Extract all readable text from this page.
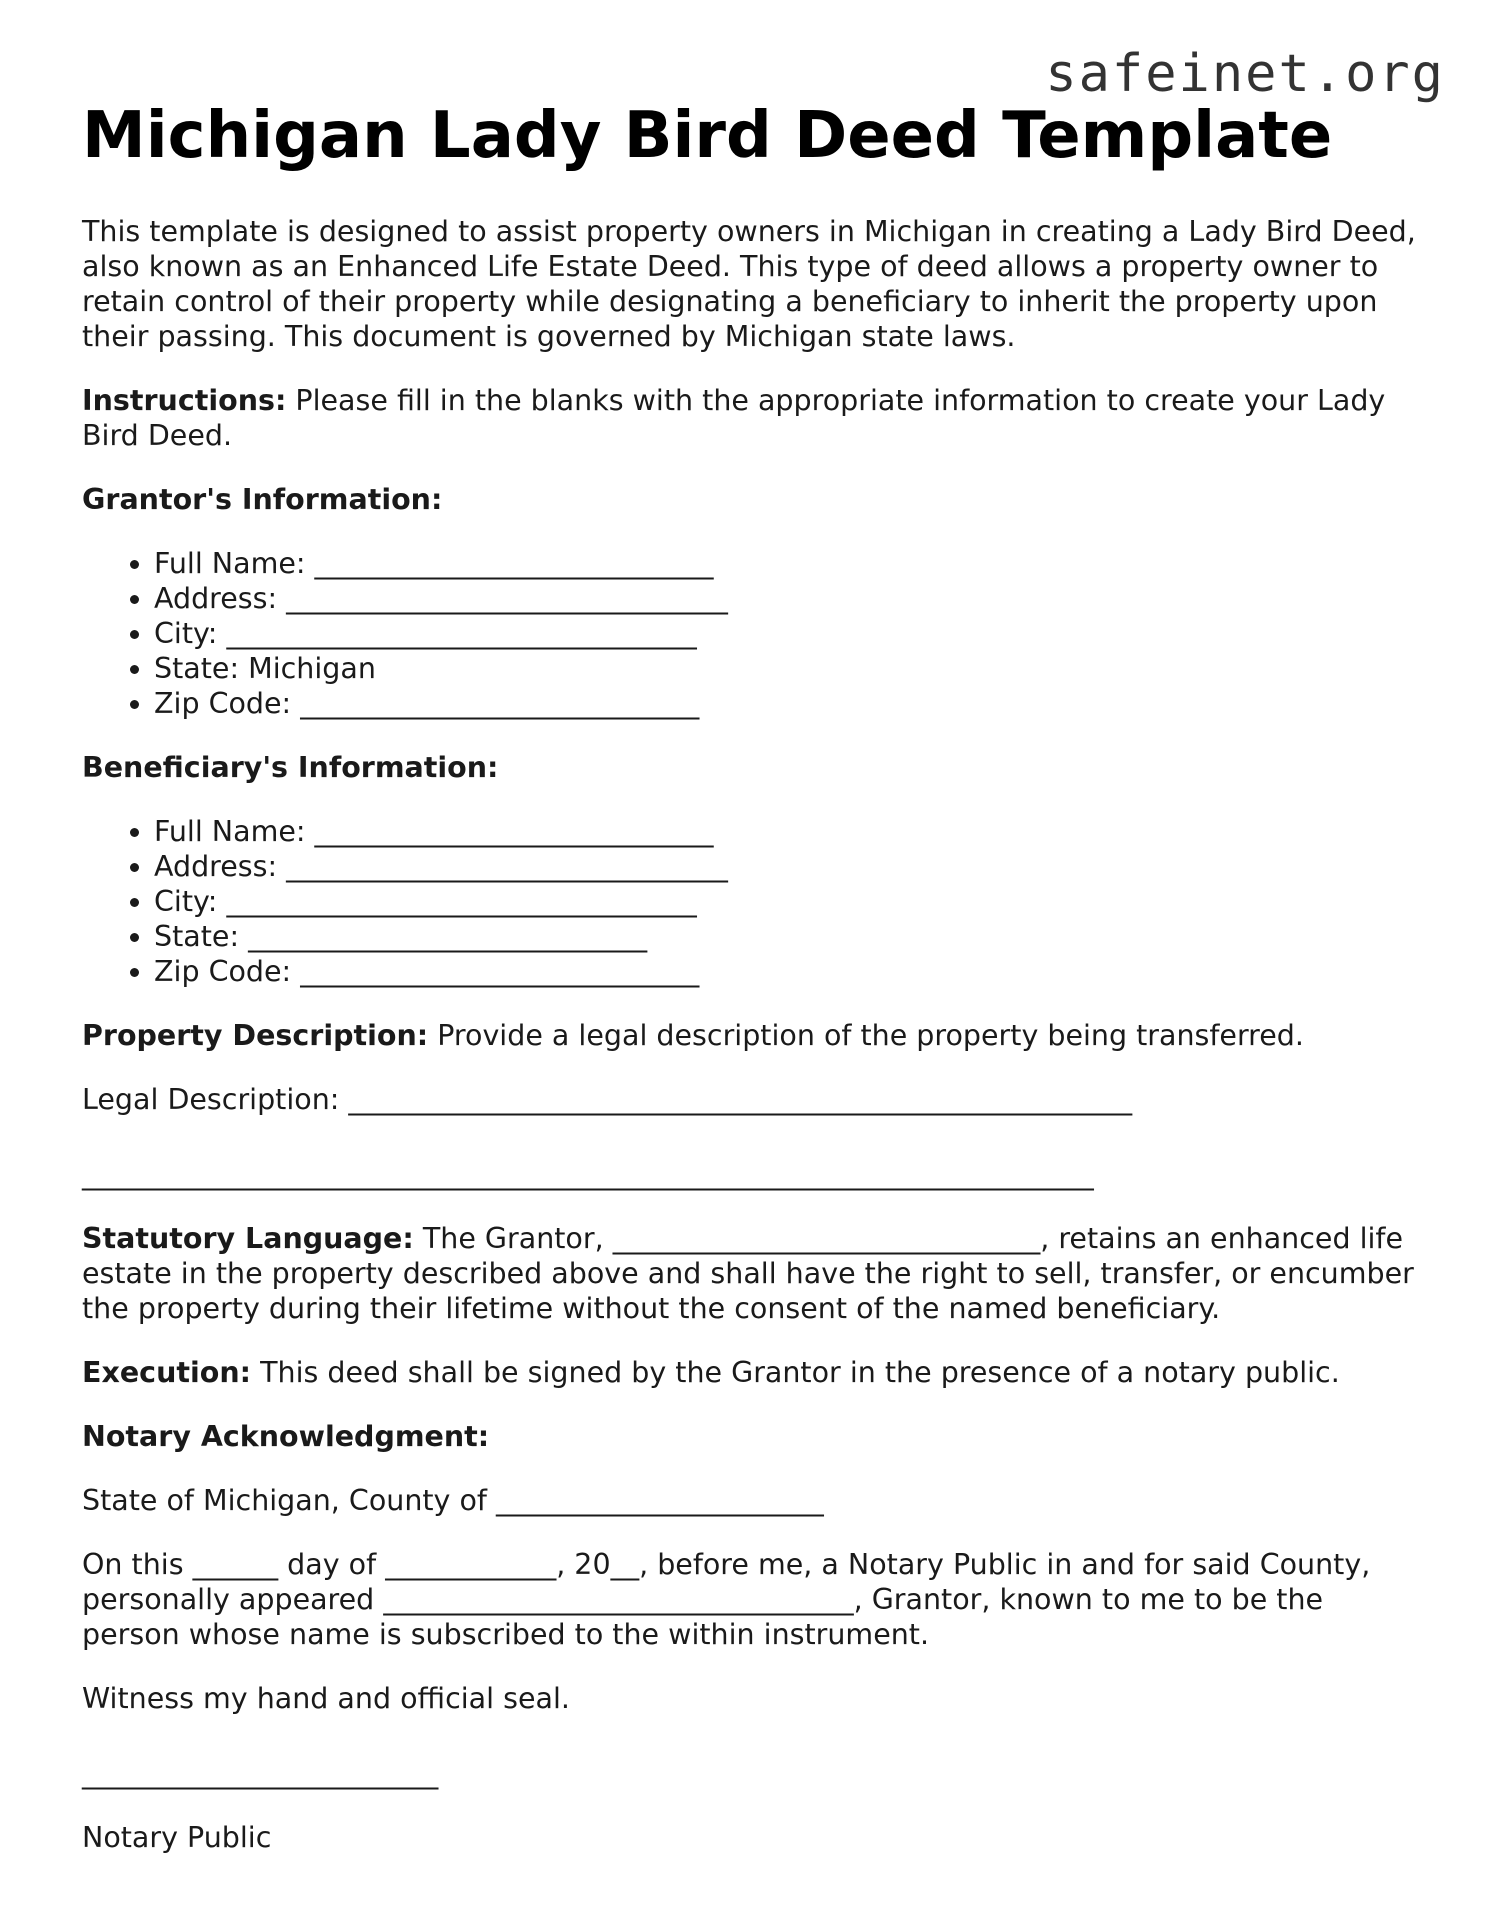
safeinet.org
Michigan Lady Bird Deed Template

This template is designed to assist property owners in Michigan in creating a Lady Bird Deed, also known as an Enhanced Life Estate Deed. This type of deed allows a property owner to retain control of their property while designating a beneficiary to inherit the property upon their passing. This document is governed by Michigan state laws.

Instructions: Please fill in the blanks with the appropriate information to create your Lady Bird Deed.

Grantor's Information:

• Full Name: ____________________________
• Address: _______________________________
• City: _________________________________
• State: Michigan
• Zip Code: ____________________________

Beneficiary's Information:

• Full Name: ____________________________
• Address: _______________________________
• City: _________________________________
• State: ____________________________
• Zip Code: ____________________________

Property Description: Provide a legal description of the property being transferred.

Legal Description: _______________________________________________________

_______________________________________________________________________

Statutory Language: The Grantor, ______________________________, retains an enhanced life estate in the property described above and shall have the right to sell, transfer, or encumber the property during their lifetime without the consent of the named beneficiary.

Execution: This deed shall be signed by the Grantor in the presence of a notary public.

Notary Acknowledgment:

State of Michigan, County of _______________________

On this ______ day of ____________, 20__, before me, a Notary Public in and for said County, personally appeared _________________________________, Grantor, known to me to be the person whose name is subscribed to the within instrument.

Witness my hand and official seal.

_________________________

Notary Public
